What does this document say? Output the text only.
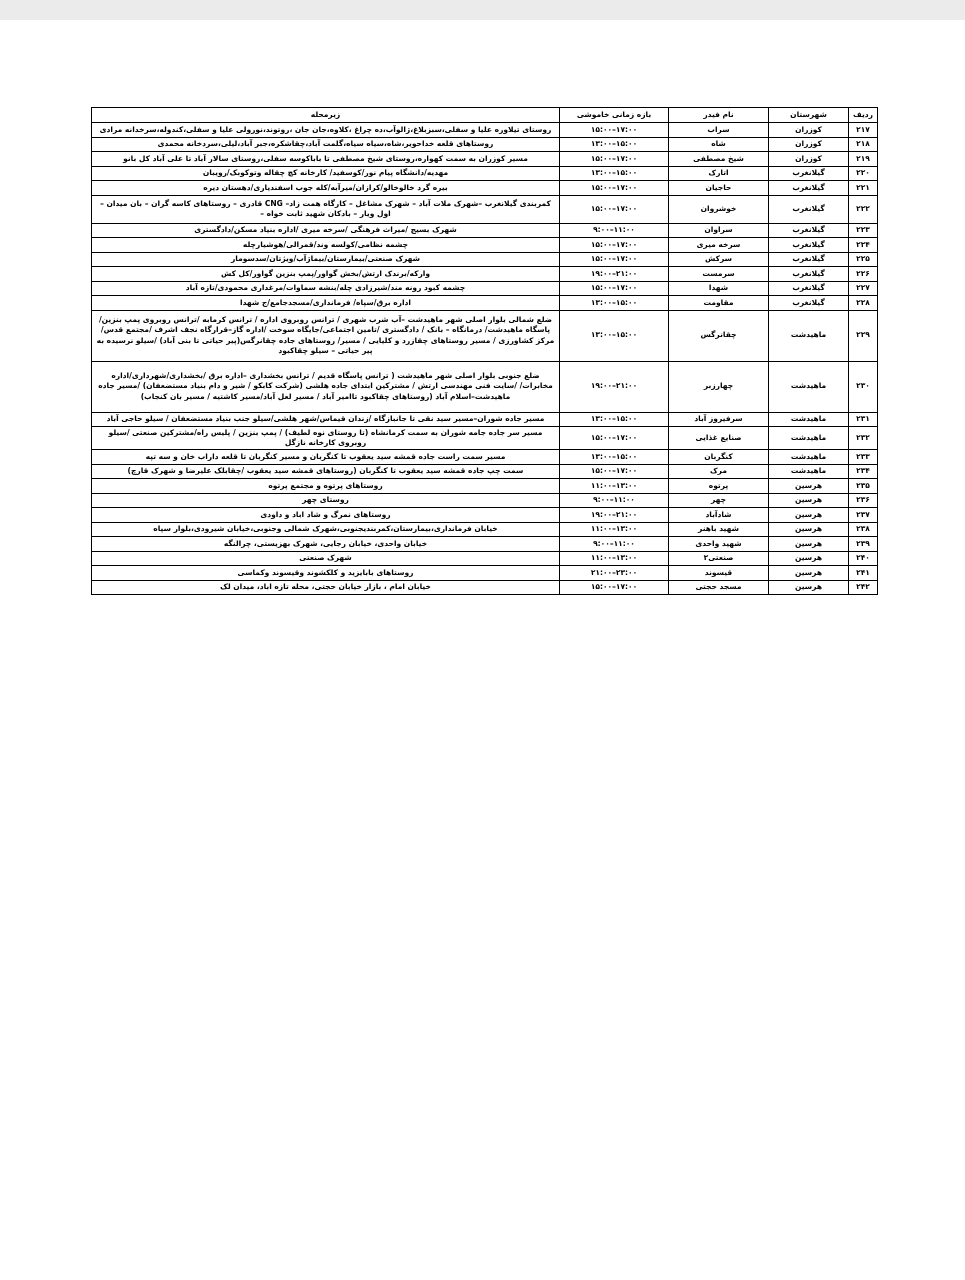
ردیف	شهرستان	نام فیدر	بازه زمانی خاموشی	زیرمحله
۲۱۷	کوزران	سراب	۱۷:۰۰–۱۵:۰۰	روستای تیلاوره علیا و سفلی،سبزبلاغ،ژالوآب،ده چراغ ،کلاوه،جان جان ،روتوند،نورولی علیا و سفلی،کندوله،سرخدانه مرادی
۲۱۸	کوزران	شاه	۱۵:۰۰–۱۳:۰۰	روستاهای قلعه خداحویر،شاه،سیاه سیاه،گلمت آباد،چقاشکره،جبر آباد،لیلی،سردخانه محمدی
۲۱۹	کوزران	شیخ مصطفی	۱۷:۰۰–۱۵:۰۰	مسیر کوزران به سمت کهواره،روستای شیخ مصطفی تا باباکوسه سفلی،روستای سالار آباد تا علی آباد کل بانو
۲۲۰	گیلانغرب	اتارک	۱۵:۰۰–۱۳:۰۰	مهدیه/دانشگاه پیام نور/کوسفید/ کارخانه کچ چقاله وتوکوبک/رویبان
۲۲۱	گیلانغرب	حاجیان	۱۷:۰۰–۱۵:۰۰	بیره گرد خالوخالو/کرازان/میرآبه/کله جوب اسفندیاری/دهستان دیره
۲۲۲	گیلانغرب	خوشروان	۱۷:۰۰–۱۵:۰۰	کمربندی گیلانغرب –شهرک ملات آباد – شهرک مشاغل – کارگاه همت زاد– CNG قادری – روستاهای کاسه گران – بان میدان – اول ویار – بادکان شهید ثابت خواه –
۲۲۳	گیلانغرب	سراوان	۱۱:۰۰–۹:۰۰	شهرک بسیج /میراث فرهنگی /سرخه میری /اداره بنیاد مسکن/دادگستری
۲۲۴	گیلانغرب	سرخه میری	۱۷:۰۰–۱۵:۰۰	چشمه نظامی/کولسه وند/قمرالی/هوشیارچله
۲۲۵	گیلانغرب	سرکش	۱۷:۰۰–۱۵:۰۰	شهرک صنعتی/بیمارستان/بیماژآب/ویژتان/سدسومار
۲۲۶	گیلانغرب	سرمست	۲۱:۰۰–۱۹:۰۰	وارکه/برندک ارتش/بخش گواور/پمپ بنزین گواور/کل کش
۲۲۷	گیلانغرب	شهدا	۱۷:۰۰–۱۵:۰۰	چشمه کبود رونه مند/شیرزادی چله/بنشه سماوات/مرغداری محمودی/تازه آباد
۲۲۸	گیلانغرب	مقاومت	۱۵:۰۰–۱۳:۰۰	اداره برق/سپاه/ فرمانداری/مسجدجامع/ج شهدا
۲۲۹	ماهیدشت	چقانرگس	۱۵:۰۰–۱۳:۰۰	ضلع شمالی بلوار اصلی شهر ماهیدشت –آب شرب شهری / ترانس روبروی اداره / ترانس کرمابه /ترانس روبروی پمپ بنزین/پاسگاه ماهیدشت/ درمانگاه – بانک / دادگستری /تامین اجتماعی/جایگاه سوخت /اداره گاز–قرارگاه نجف اشرف /مجتمع قدس/مرکز کشاورزی / مسیر روستاهای چقازرد و کلیایی / مسیر/ روستاهای جاده چقانرگس(پیر حیاتی تا بنی آباد) /سیلو نرسیده به پیر حیاتی – سیلو چقاکبود
۲۳۰	ماهیدشت	چهارزبر	۲۱:۰۰–۱۹:۰۰	ضلع جنوبی بلوار اصلی شهر ماهیدشت ( ترانس پاسگاه قدیم / ترانس بخشداری –اداره برق /بخشداری/شهرداری/اداره مخابرات/ /سایت فنی مهندسی ارتش / مشترکین ابتدای جاده هلشی (شرکت کابکو / شیر و دام بنیاد مستضعفان) /مسیر جاده ماهیدشت–اسلام آباد (روستاهای چقاکبود تاامیر آباد / مسیر لعل آباد/مسیر کاشتیه / مسیر بان کنجاب)
۲۳۱	ماهیدشت	سرفیروز آباد	۱۵:۰۰–۱۳:۰۰	مسیر جاده شوران–مسیر سید نقی تا جانبازگاه /زندان قیماس/شهر هلشی/سیلو جنب بنیاد مستضعفان / سیلو حاجی آباد
۲۳۲	ماهیدشت	صنایع غذایی	۱۷:۰۰–۱۵:۰۰	مسیر سر جاده جامه شوران به سمت کرمانشاه (تا روستای نوه لطیف) / پمپ بنزین / پلیس راه/مشترکین صنعتی /سیلو روبروی کارخانه نازگل
۲۳۳	ماهیدشت	کنگربان	۱۵:۰۰–۱۳:۰۰	مسیر سمت راست جاده قمشه سید یعقوب تا کنگربان و مسیر کنگربان تا قلعه داراب خان و سه تپه
۲۳۴	ماهیدشت	مرک	۱۷:۰۰–۱۵:۰۰	سمت چپ جاده قمشه سید یعقوب تا کنگربان (روستاهای قمشه سید یعقوب /چقابلک علیرضا و شهرک قارچ)
۲۳۵	هرسین	پرتوه	۱۳:۰۰–۱۱:۰۰	روستاهای پرتوه و مجتمع پرتوه
۲۳۶	هرسین	چهر	۱۱:۰۰–۹:۰۰	روستای چهر
۲۳۷	هرسین	شادآباد	۲۱:۰۰–۱۹:۰۰	روستاهای نمرگ و شاد اباد و داودی
۲۳۸	هرسین	شهید باهنر	۱۳:۰۰–۱۱:۰۰	خیابان فرمانداری،بیمارستان،کمربندیجنوبی،شهرک شمالی وجنوبی،خیابان شیرودی،بلوار سپاه
۲۳۹	هرسین	شهید واحدی	۱۱:۰۰–۹:۰۰	خیابان واحدی، خیابان رجایی، شهرک بهزیستی، چرالنگه
۲۴۰	هرسین	صنعتی۲	۱۳:۰۰–۱۱:۰۰	شهرک صنعتی
۲۴۱	هرسین	قیسوند	۲۳:۰۰–۲۱:۰۰	روستاهای بابایزید و کلکشوند وقیسوند وکماسی
۲۴۲	هرسین	مسجد حجتی	۱۷:۰۰–۱۵:۰۰	خیابان امام ، بازار خیابان حجتی، محله تازه اباد، میدان لک
